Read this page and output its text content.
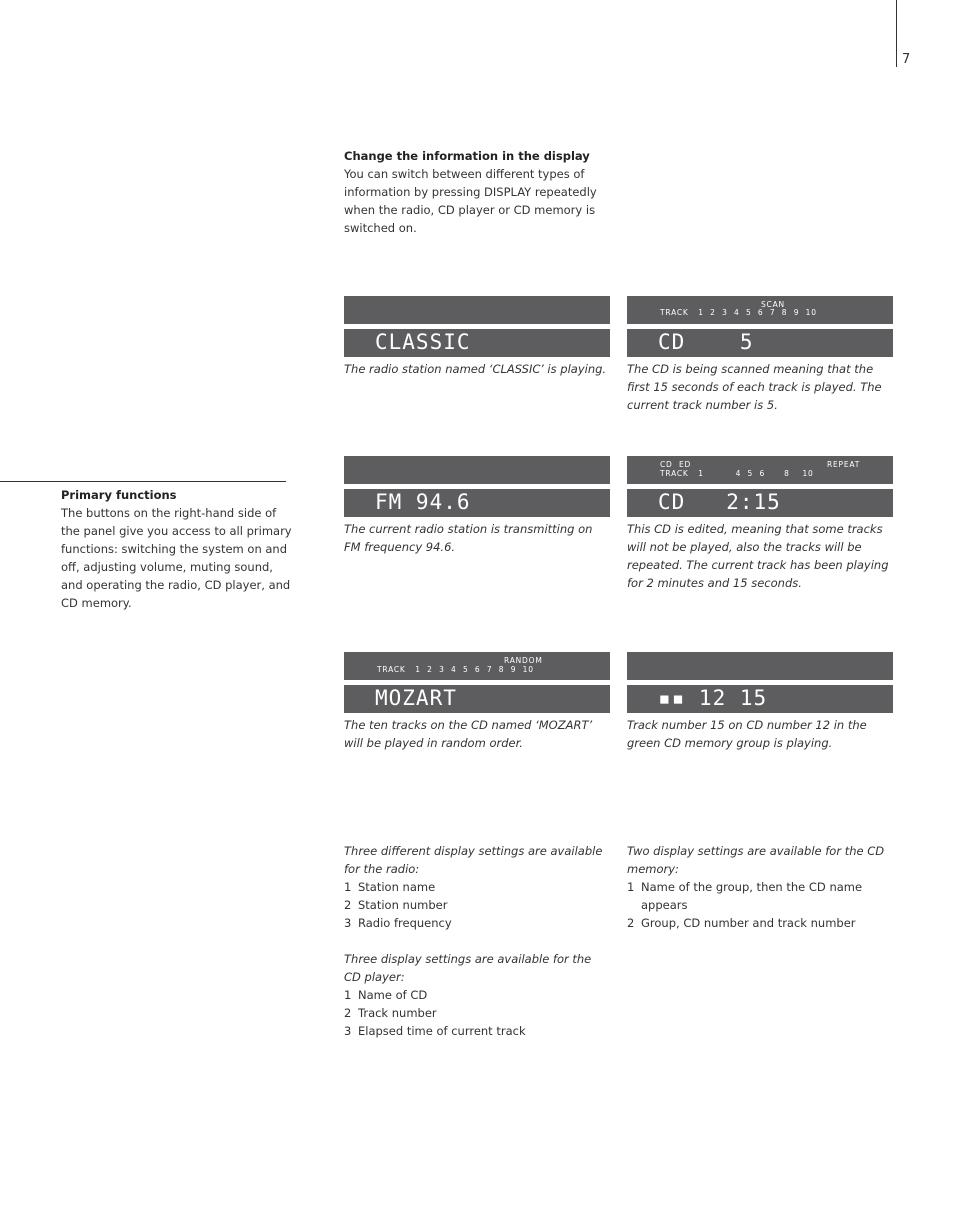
7

Change the information in the display

You can switch between different types of information by pressing DISPLAY repeatedly when the radio, CD player or CD memory is switched on.

Primary functions

The buttons on the right-hand side of the panel give you access to all primary functions: switching the system on and off, adjusting volume, muting sound, and operating the radio, CD player, and CD memory.

CLASSIC
The radio station named ‘CLASSIC’ is playing.
SCAN
TRACK   1  2  3  4  5  6  7  8  9  10
CD    5
The CD is being scanned meaning that the first 15 seconds of each track is played. The current track number is 5.
FM 94.6
The current radio station is transmitting on FM frequency 94.6.
CD  ED	REPEAT
TRACK   1          4  5  6      8    10
CD   2:15
This CD is edited, meaning that some tracks will not be played, also the tracks will be repeated. The current track has been playing for 2 minutes and 15 seconds.
RANDOM
TRACK   1  2  3  4  5  6  7  8  9  10
MOZART
The ten tracks on the CD named ‘MOZART’ will be played in random order.
▪▪ 12 15
Track number 15 on CD number 12 in the green CD memory group is playing.

Three different display settings are available for the radio:

1 Station name
2 Station number
3 Radio frequency

Three display settings are available for the CD player:

1 Name of CD
2 Track number
3 Elapsed time of current track

Two display settings are available for the CD memory:

1 Name of the group, then the CD name appears
2 Group, CD number and track number
